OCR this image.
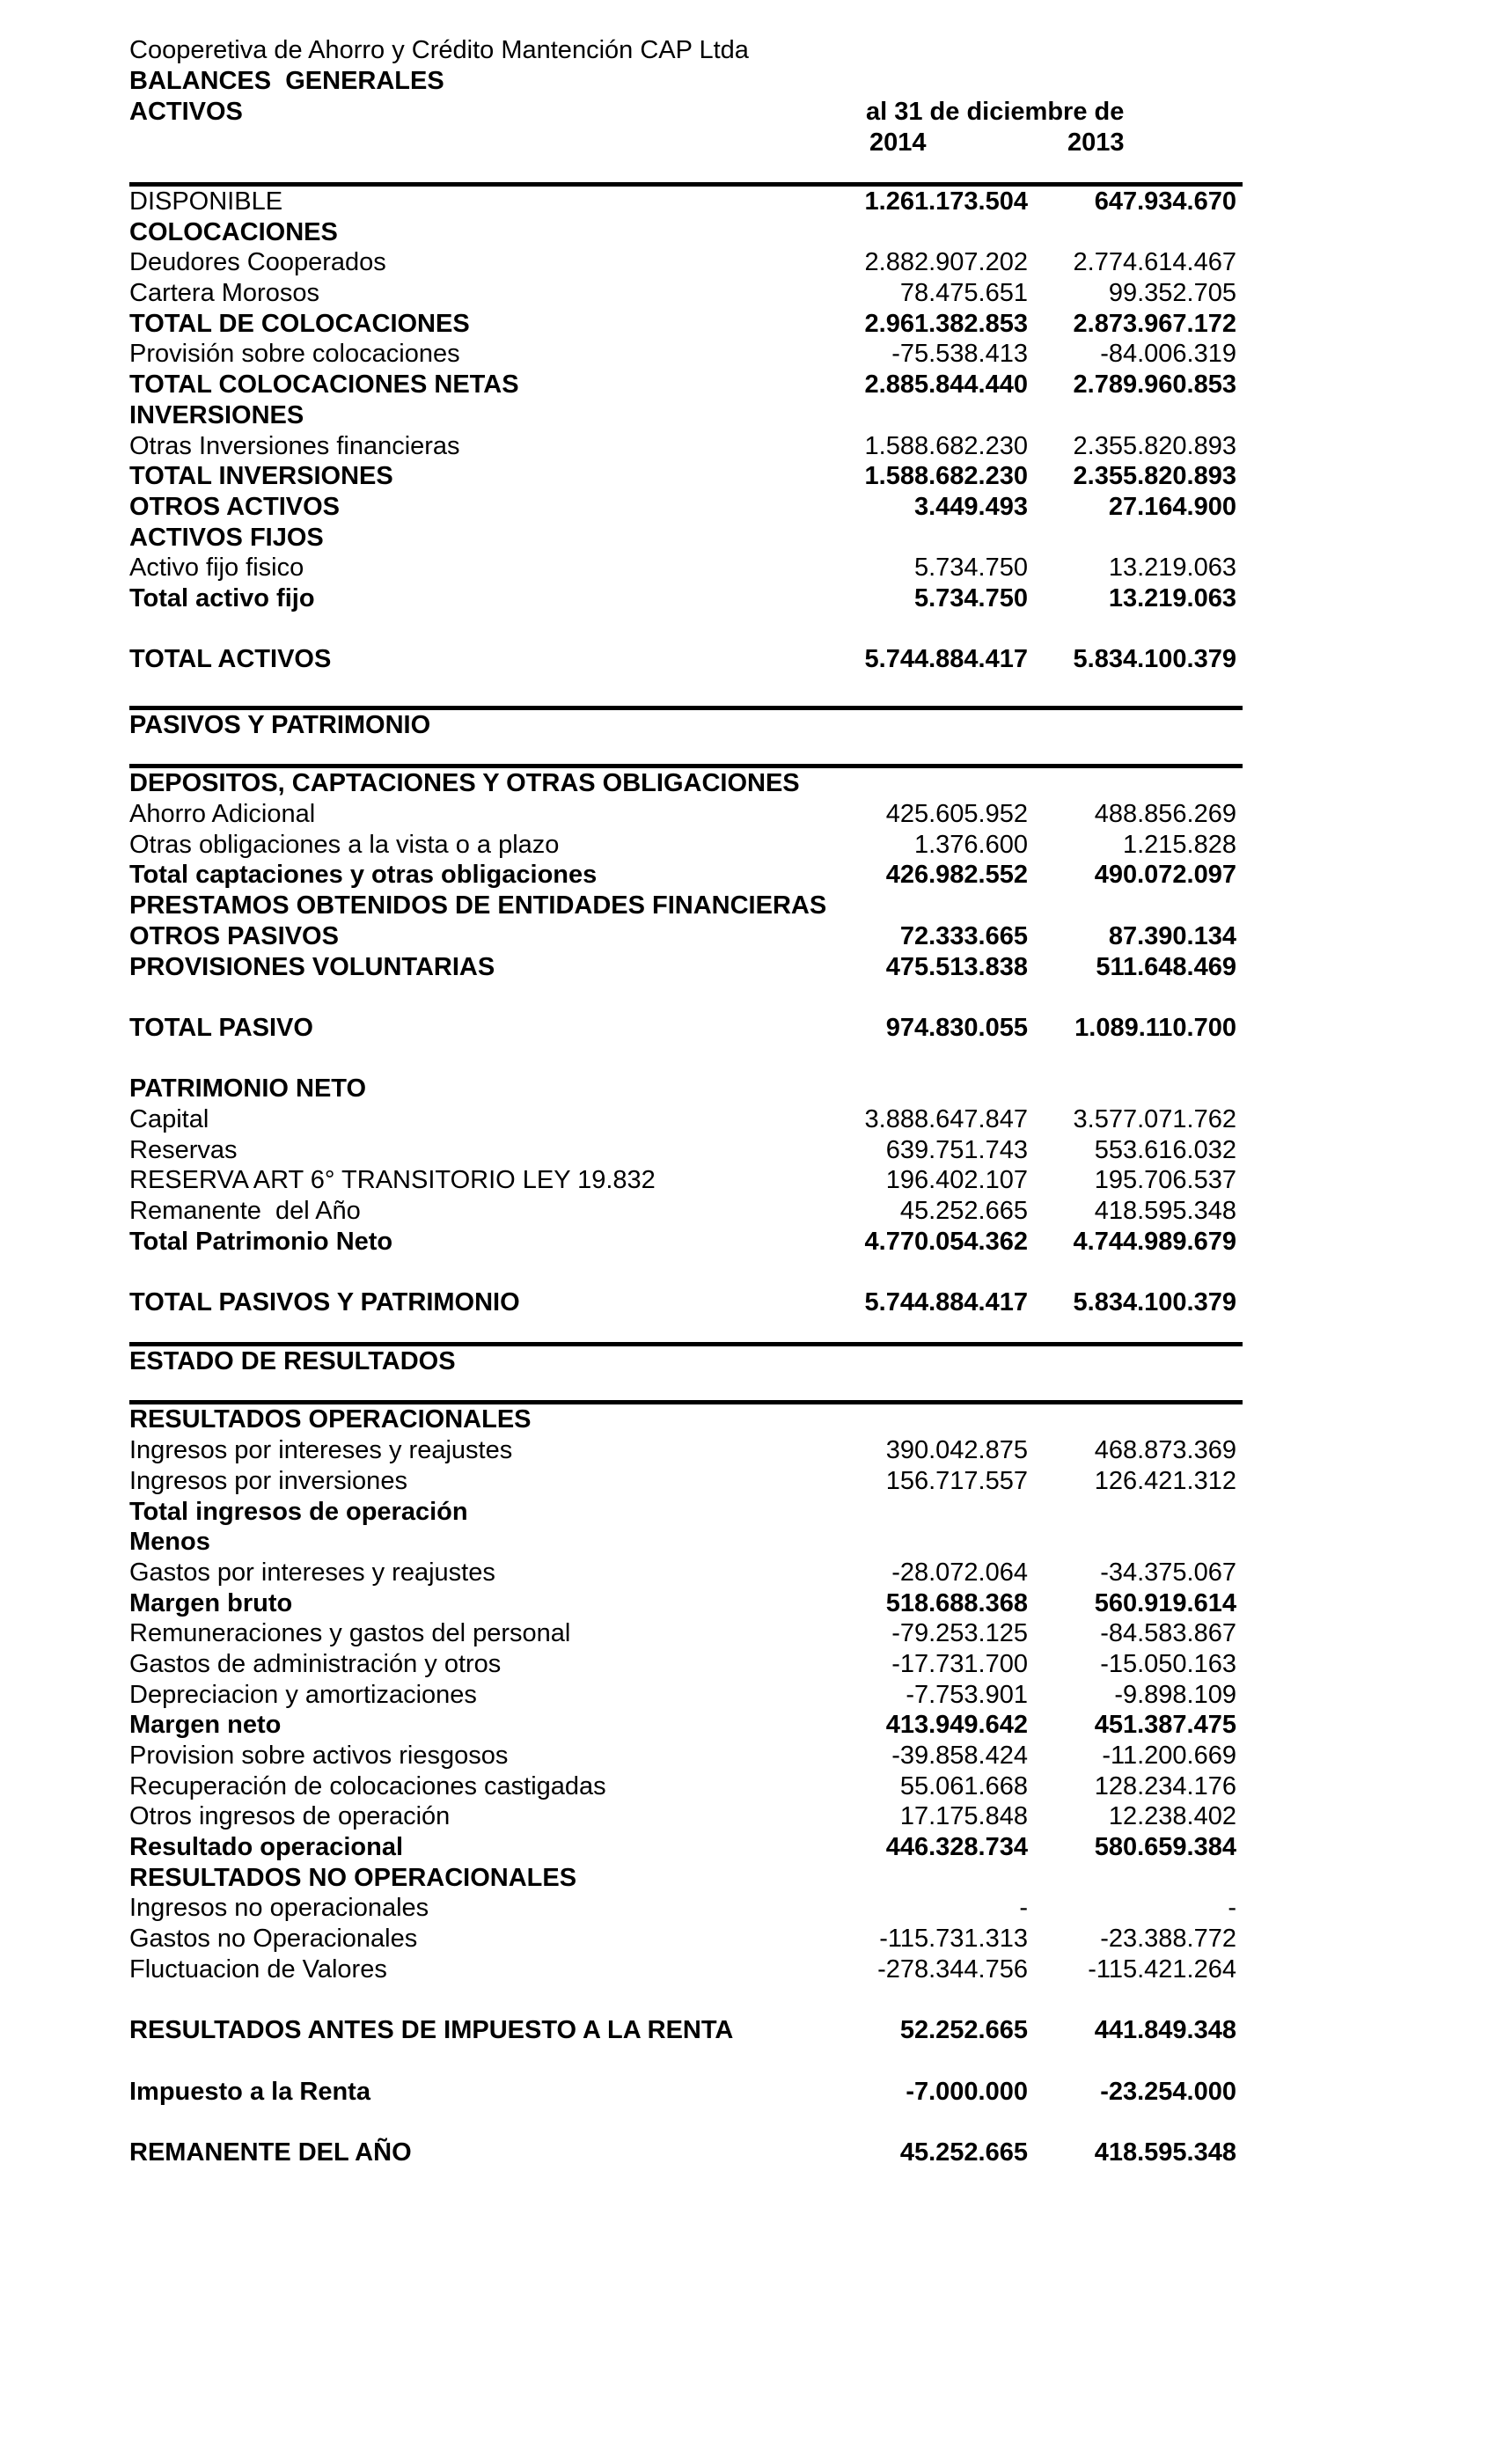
Cooperetiva de Ahorro y Crédito Mantención CAP Ltda
BALANCES  GENERALES
ACTIVOS	al 31 de diciembre de
2014	2013
DISPONIBLE	1.261.173.504	647.934.670
COLOCACIONES
Deudores Cooperados	2.882.907.202	2.774.614.467
Cartera Morosos	78.475.651	99.352.705
TOTAL DE COLOCACIONES	2.961.382.853	2.873.967.172
Provisión sobre colocaciones	-75.538.413	-84.006.319
TOTAL COLOCACIONES NETAS	2.885.844.440	2.789.960.853
INVERSIONES
Otras Inversiones financieras	1.588.682.230	2.355.820.893
TOTAL INVERSIONES	1.588.682.230	2.355.820.893
OTROS ACTIVOS	3.449.493	27.164.900
ACTIVOS FIJOS
Activo fijo fisico	5.734.750	13.219.063
Total activo fijo	5.734.750	13.219.063
TOTAL ACTIVOS	5.744.884.417	5.834.100.379
PASIVOS Y PATRIMONIO
DEPOSITOS, CAPTACIONES Y OTRAS OBLIGACIONES
Ahorro Adicional	425.605.952	488.856.269
Otras obligaciones a la vista o a plazo	1.376.600	1.215.828
Total captaciones y otras obligaciones	426.982.552	490.072.097
PRESTAMOS OBTENIDOS DE ENTIDADES FINANCIERAS
OTROS PASIVOS	72.333.665	87.390.134
PROVISIONES VOLUNTARIAS	475.513.838	511.648.469
TOTAL PASIVO	974.830.055	1.089.110.700
PATRIMONIO NETO
Capital	3.888.647.847	3.577.071.762
Reservas	639.751.743	553.616.032
RESERVA ART 6° TRANSITORIO LEY 19.832	196.402.107	195.706.537
Remanente  del Año	45.252.665	418.595.348
Total Patrimonio Neto	4.770.054.362	4.744.989.679
TOTAL PASIVOS Y PATRIMONIO	5.744.884.417	5.834.100.379
ESTADO DE RESULTADOS
RESULTADOS OPERACIONALES
Ingresos por intereses y reajustes	390.042.875	468.873.369
Ingresos por inversiones	156.717.557	126.421.312
Total ingresos de operación
Menos
Gastos por intereses y reajustes	-28.072.064	-34.375.067
Margen bruto	518.688.368	560.919.614
Remuneraciones y gastos del personal	-79.253.125	-84.583.867
Gastos de administración y otros	-17.731.700	-15.050.163
Depreciacion y amortizaciones	-7.753.901	-9.898.109
Margen neto	413.949.642	451.387.475
Provision sobre activos riesgosos	-39.858.424	-11.200.669
Recuperación de colocaciones castigadas	55.061.668	128.234.176
Otros ingresos de operación	17.175.848	12.238.402
Resultado operacional	446.328.734	580.659.384
RESULTADOS NO OPERACIONALES
Ingresos no operacionales	-	-
Gastos no Operacionales	-115.731.313	-23.388.772
Fluctuacion de Valores	-278.344.756	-115.421.264
RESULTADOS ANTES DE IMPUESTO A LA RENTA	52.252.665	441.849.348
Impuesto a la Renta	-7.000.000	-23.254.000
REMANENTE DEL AÑO	45.252.665	418.595.348
